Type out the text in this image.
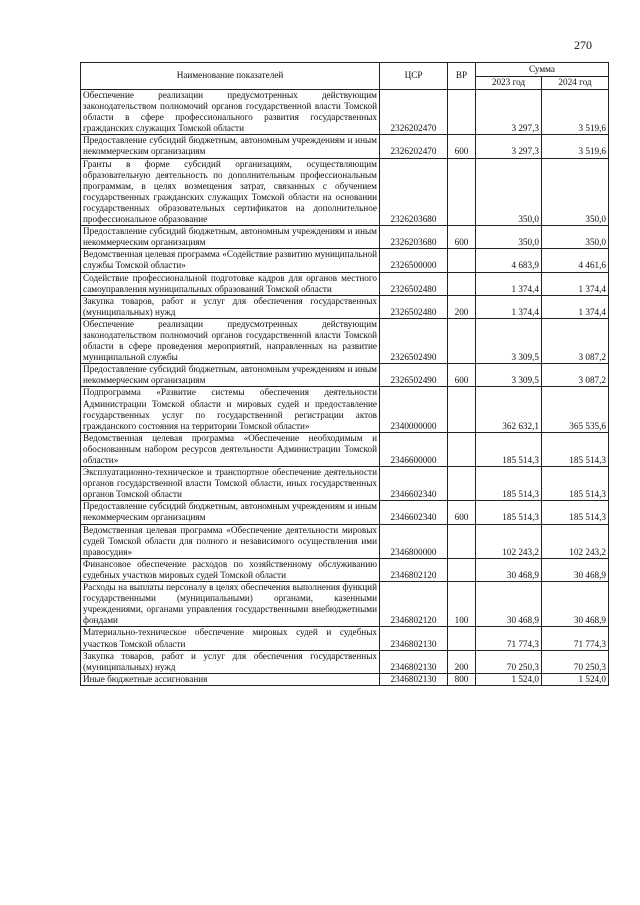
270
Наименование показателей	ЦСР	ВР	Сумма	
			2023 год	2024 год
Обеспечение реализации предусмотренных действующим законодательством полномочий органов государственной власти Томской области в сфере профессионального развития государственных гражданских служащих Томской области	2326202470		3 297,3	3 519,6
Предоставление субсидий бюджетным, автономным учреждениям и иным некоммерческим организациям	2326202470	600	3 297,3	3 519,6
Гранты в форме субсидий организациям, осуществляющим образовательную деятельность по дополнительным профессиональным программам, в целях возмещения затрат, связанных с обучением государственных гражданских служащих Томской области на основании государственных образовательных сертификатов на дополнительное профессиональное образование	2326203680		350,0	350,0
Предоставление субсидий бюджетным, автономным учреждениям и иным некоммерческим организациям	2326203680	600	350,0	350,0
Ведомственная целевая программа «Содействие развитию муниципальной службы Томской области»	2326500000		4 683,9	4 461,6
Содействие профессиональной подготовке кадров для органов местного самоуправления муниципальных образований Томской области	2326502480		1 374,4	1 374,4
Закупка товаров, работ и услуг для обеспечения государственных (муниципальных) нужд	2326502480	200	1 374,4	1 374,4
Обеспечение реализации предусмотренных действующим законодательством полномочий органов государственной власти Томской области в сфере проведения мероприятий, направленных на развитие муниципальной службы	2326502490		3 309,5	3 087,2
Предоставление субсидий бюджетным, автономным учреждениям и иным некоммерческим организациям	2326502490	600	3 309,5	3 087,2
Подпрограмма «Развитие системы обеспечения деятельности Администрации Томской области и мировых судей и предоставление государственных услуг по государственной регистрации актов гражданского состояния на территории Томской области»	2340000000		362 632,1	365 535,6
Ведомственная целевая программа «Обеспечение необходимым и обоснованным набором ресурсов деятельности Администрации Томской области»	2346600000		185 514,3	185 514,3
Эксплуатационно-техническое и транспортное обеспечение деятельности органов государственной власти Томской области, иных государственных органов Томской области	2346602340		185 514,3	185 514,3
Предоставление субсидий бюджетным, автономным учреждениям и иным некоммерческим организациям	2346602340	600	185 514,3	185 514,3
Ведомственная целевая программа «Обеспечение деятельности мировых судей Томской области для полного и независимого осуществления ими правосудия»	2346800000		102 243,2	102 243,2
Финансовое обеспечение расходов по хозяйственному обслуживанию судебных участков мировых судей Томской области	2346802120		30 468,9	30 468,9
Расходы на выплаты персоналу в целях обеспечения выполнения функций государственными (муниципальными) органами, казенными учреждениями, органами управления государственными внебюджетными фондами	2346802120	100	30 468,9	30 468,9
Материально-техническое обеспечение мировых судей и судебных участков Томской области	2346802130		71 774,3	71 774,3
Закупка товаров, работ и услуг для обеспечения государственных (муниципальных) нужд	2346802130	200	70 250,3	70 250,3
Иные бюджетные ассигнования	2346802130	800	1 524,0	1 524,0
